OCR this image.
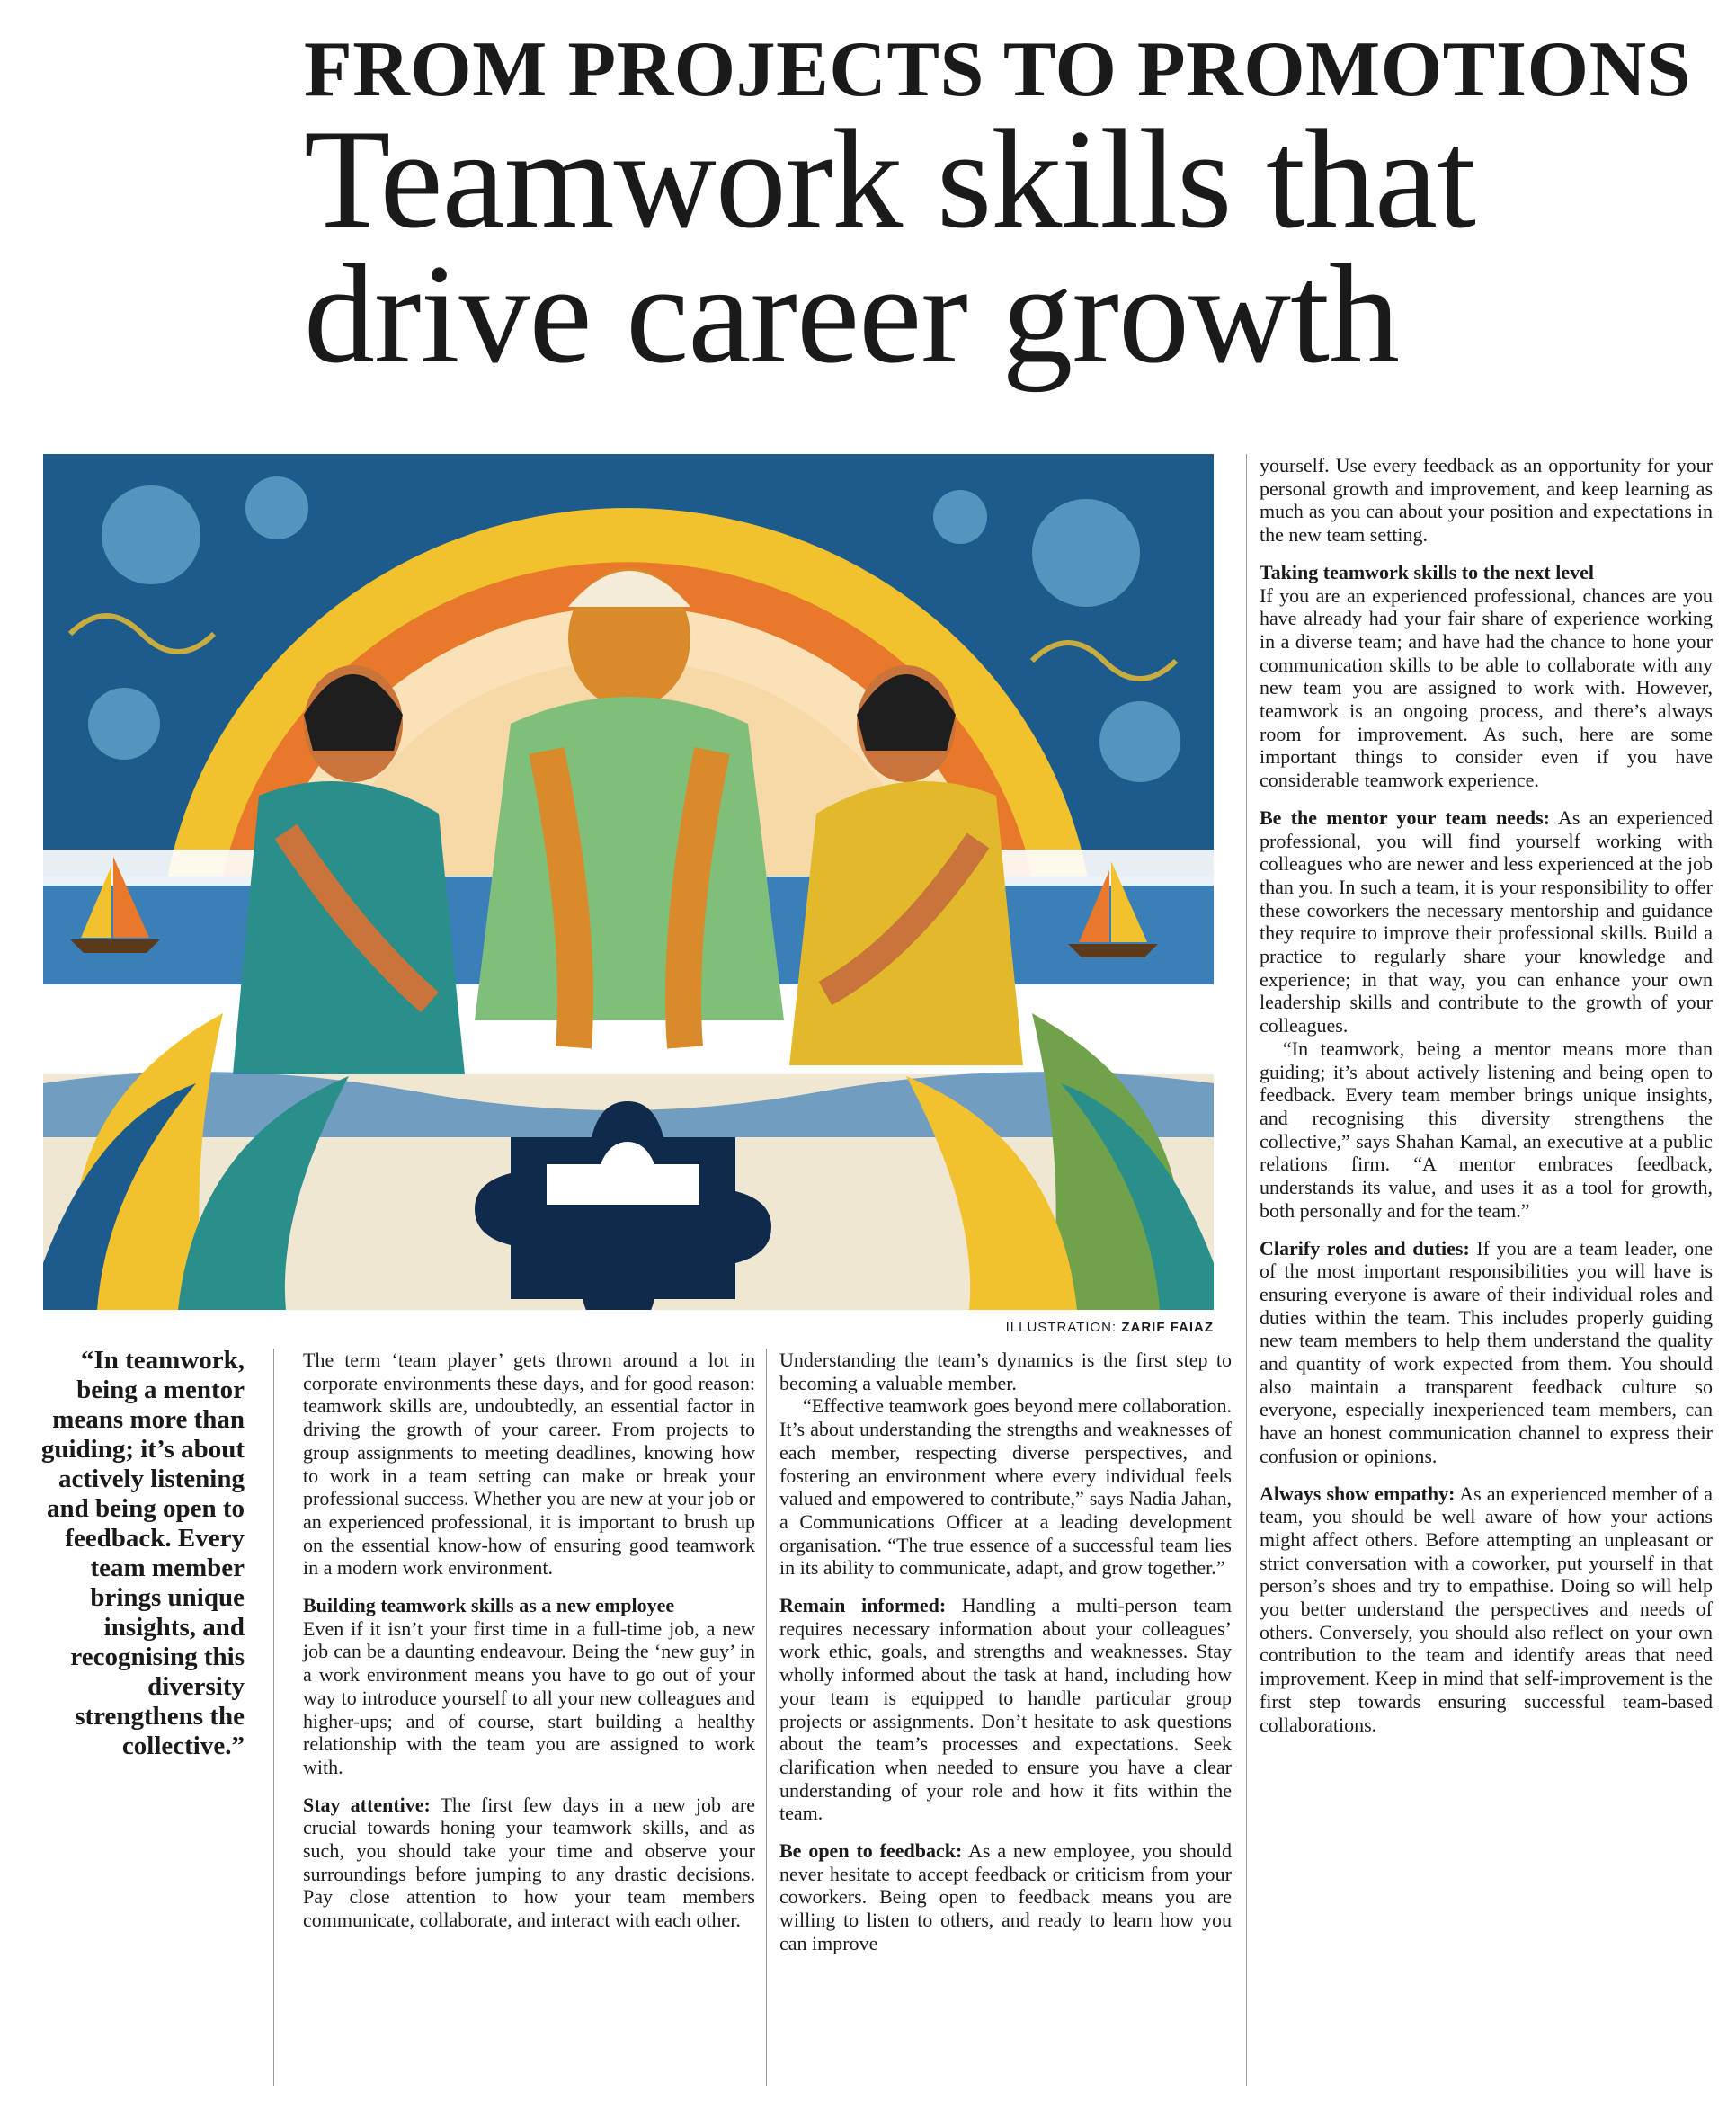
FROM PROJECTS TO PROMOTIONS
Teamwork skills that
drive career growth
ILLUSTRATION: ZARIF FAIAZ
“In teamwork, being a mentor means more than guiding; it’s about actively listening and being open to feedback. Every team member brings unique insights, and recognising this diversity strengthens the collective.”

The term ‘team player’ gets thrown around a lot in corporate environments these days, and for good reason: teamwork skills are, undoubtedly, an essential factor in driving the growth of your career. From projects to group assignments to meeting deadlines, knowing how to work in a team setting can make or break your professional success. Whether you are new at your job or an experienced professional, it is important to brush up on the essential know-how of ensuring good teamwork in a modern work environment.

Building teamwork skills as a new employee

Even if it isn’t your first time in a full-time job, a new job can be a daunting endeavour. Being the ‘new guy’ in a work environment means you have to go out of your way to introduce yourself to all your new colleagues and higher-ups; and of course, start building a healthy relationship with the team you are assigned to work with.

Stay attentive: The first few days in a new job are crucial towards honing your teamwork skills, and as such, you should take your time and observe your surroundings before jumping to any drastic decisions. Pay close attention to how your team members communicate, collaborate, and interact with each other.

Understanding the team’s dynamics is the first step to becoming a valuable member.

“Effective teamwork goes beyond mere collaboration. It’s about understanding the strengths and weaknesses of each member, respecting diverse perspectives, and fostering an environment where every individual feels valued and empowered to contribute,” says Nadia Jahan, a Communications Officer at a leading development organisation. “The true essence of a successful team lies in its ability to communicate, adapt, and grow together.”

Remain informed: Handling a multi-person team requires necessary information about your colleagues’ work ethic, goals, and strengths and weaknesses. Stay wholly informed about the task at hand, including how your team is equipped to handle particular group projects or assignments. Don’t hesitate to ask questions about the team’s processes and expectations. Seek clarification when needed to ensure you have a clear understanding of your role and how it fits within the team.

Be open to feedback: As a new employee, you should never hesitate to accept feedback or criticism from your coworkers. Being open to feedback means you are willing to listen to others, and ready to learn how you can improve

yourself. Use every feedback as an opportunity for your personal growth and improvement, and keep learning as much as you can about your position and expectations in the new team setting.

Taking teamwork skills to the next level

If you are an experienced professional, chances are you have already had your fair share of experience working in a diverse team; and have had the chance to hone your communication skills to be able to collaborate with any new team you are assigned to work with. However, teamwork is an ongoing process, and there’s always room for improvement. As such, here are some important things to consider even if you have considerable teamwork experience.

Be the mentor your team needs: As an experienced professional, you will find yourself working with colleagues who are newer and less experienced at the job than you. In such a team, it is your responsibility to offer these coworkers the necessary mentorship and guidance they require to improve their professional skills. Build a practice to regularly share your knowledge and experience; in that way, you can enhance your own leadership skills and contribute to the growth of your colleagues.

“In teamwork, being a mentor means more than guiding; it’s about actively listening and being open to feedback. Every team member brings unique insights, and recognising this diversity strengthens the collective,” says Shahan Kamal, an executive at a public relations firm. “A mentor embraces feedback, understands its value, and uses it as a tool for growth, both personally and for the team.”

Clarify roles and duties: If you are a team leader, one of the most important responsibilities you will have is ensuring everyone is aware of their individual roles and duties within the team. This includes properly guiding new team members to help them understand the quality and quantity of work expected from them. You should also maintain a transparent feedback culture so everyone, especially inexperienced team members, can have an honest communication channel to express their confusion or opinions.

Always show empathy: As an experienced member of a team, you should be well aware of how your actions might affect others. Before attempting an unpleasant or strict conversation with a coworker, put yourself in that person’s shoes and try to empathise. Doing so will help you better understand the perspectives and needs of others. Conversely, you should also reflect on your own contribution to the team and identify areas that need improvement. Keep in mind that self-improvement is the first step towards ensuring successful team-based collaborations.
